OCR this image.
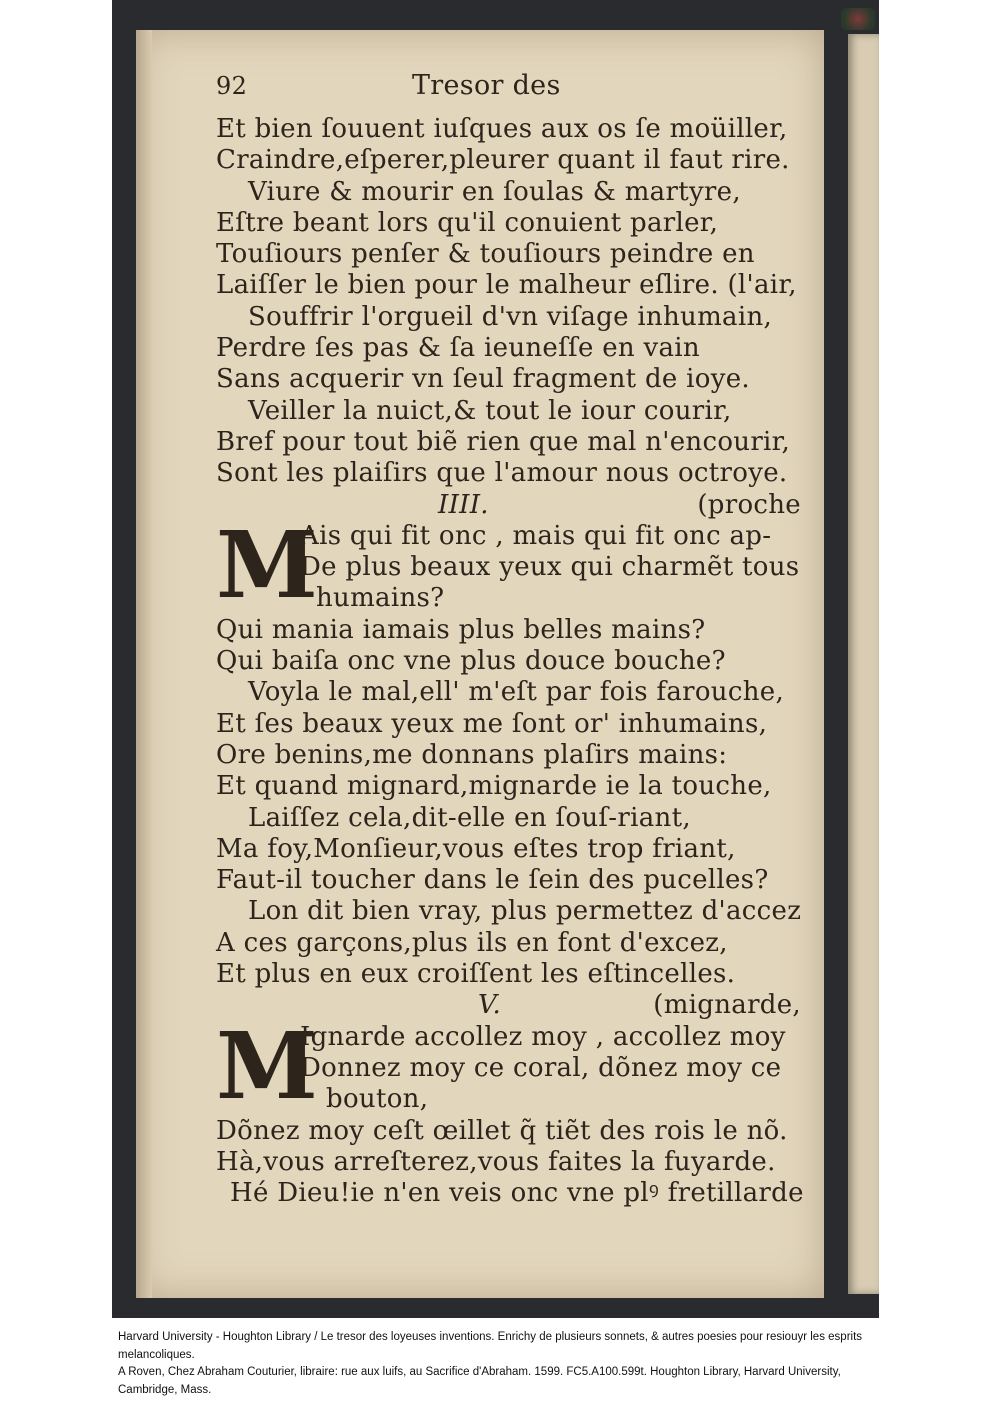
92	Tresor des
Et bien ſouuent iuſques aux os ſe moüiller,
Craindre,eſperer,pleurer quant il faut rire.
Viure & mourir en ſoulas & martyre,
Eſtre beant lors qu'il conuient parler,
Touſiours penſer & touſiours peindre en
Laiſſer le bien pour le malheur eſlire. (l'air,
Souffrir l'orgueil d'vn viſage inhumain,
Perdre ſes pas & ſa ieuneſſe en vain
Sans acquerir vn ſeul fragment de ioye.
Veiller la nuict,& tout le iour courir,
Bref pour tout biẽ rien que mal n'encourir,
Sont les plaiſirs que l'amour nous octroye.
IIII.	(proche
M
Ais qui fit onc , mais qui fit onc ap-
De plus beaux yeux qui charmẽt tous
humains?
Qui mania iamais plus belles mains?
Qui baiſa onc vne plus douce bouche?
Voyla le mal,ell' m'eſt par fois farouche,
Et ſes beaux yeux me ſont or' inhumains,
Ore benins,me donnans plaſirs mains:
Et quand mignard,mignarde ie la touche,
Laiſſez cela,dit-elle en ſouſ-riant,
Ma foy,Monſieur,vous eſtes trop friant,
Faut-il toucher dans le ſein des pucelles?
Lon dit bien vray, plus permettez d'accez
A ces garçons,plus ils en font d'excez,
Et plus en eux croiſſent les eſtincelles.
V.	(mignarde,
M
Ignarde accollez moy , accollez moy
Donnez moy ce coral, dõnez moy ce
bouton,
Dõnez moy ceſt œillet q̃ tiẽt des rois le nõ.
Hà,vous arreſterez,vous faites la fuyarde.
Hé Dieu!ie n'en veis onc vne plꝰ fretillarde

Harvard University - Houghton Library / Le tresor des loyeuses inventions. Enrichy de plusieurs sonnets, & autres poesies pour resiouyr les esprits melancoliques.

A Roven, Chez Abraham Couturier, libraire: rue aux luifs, au Sacrifice d'Abraham. 1599. FC5.A100.599t. Houghton Library, Harvard University, Cambridge, Mass.
